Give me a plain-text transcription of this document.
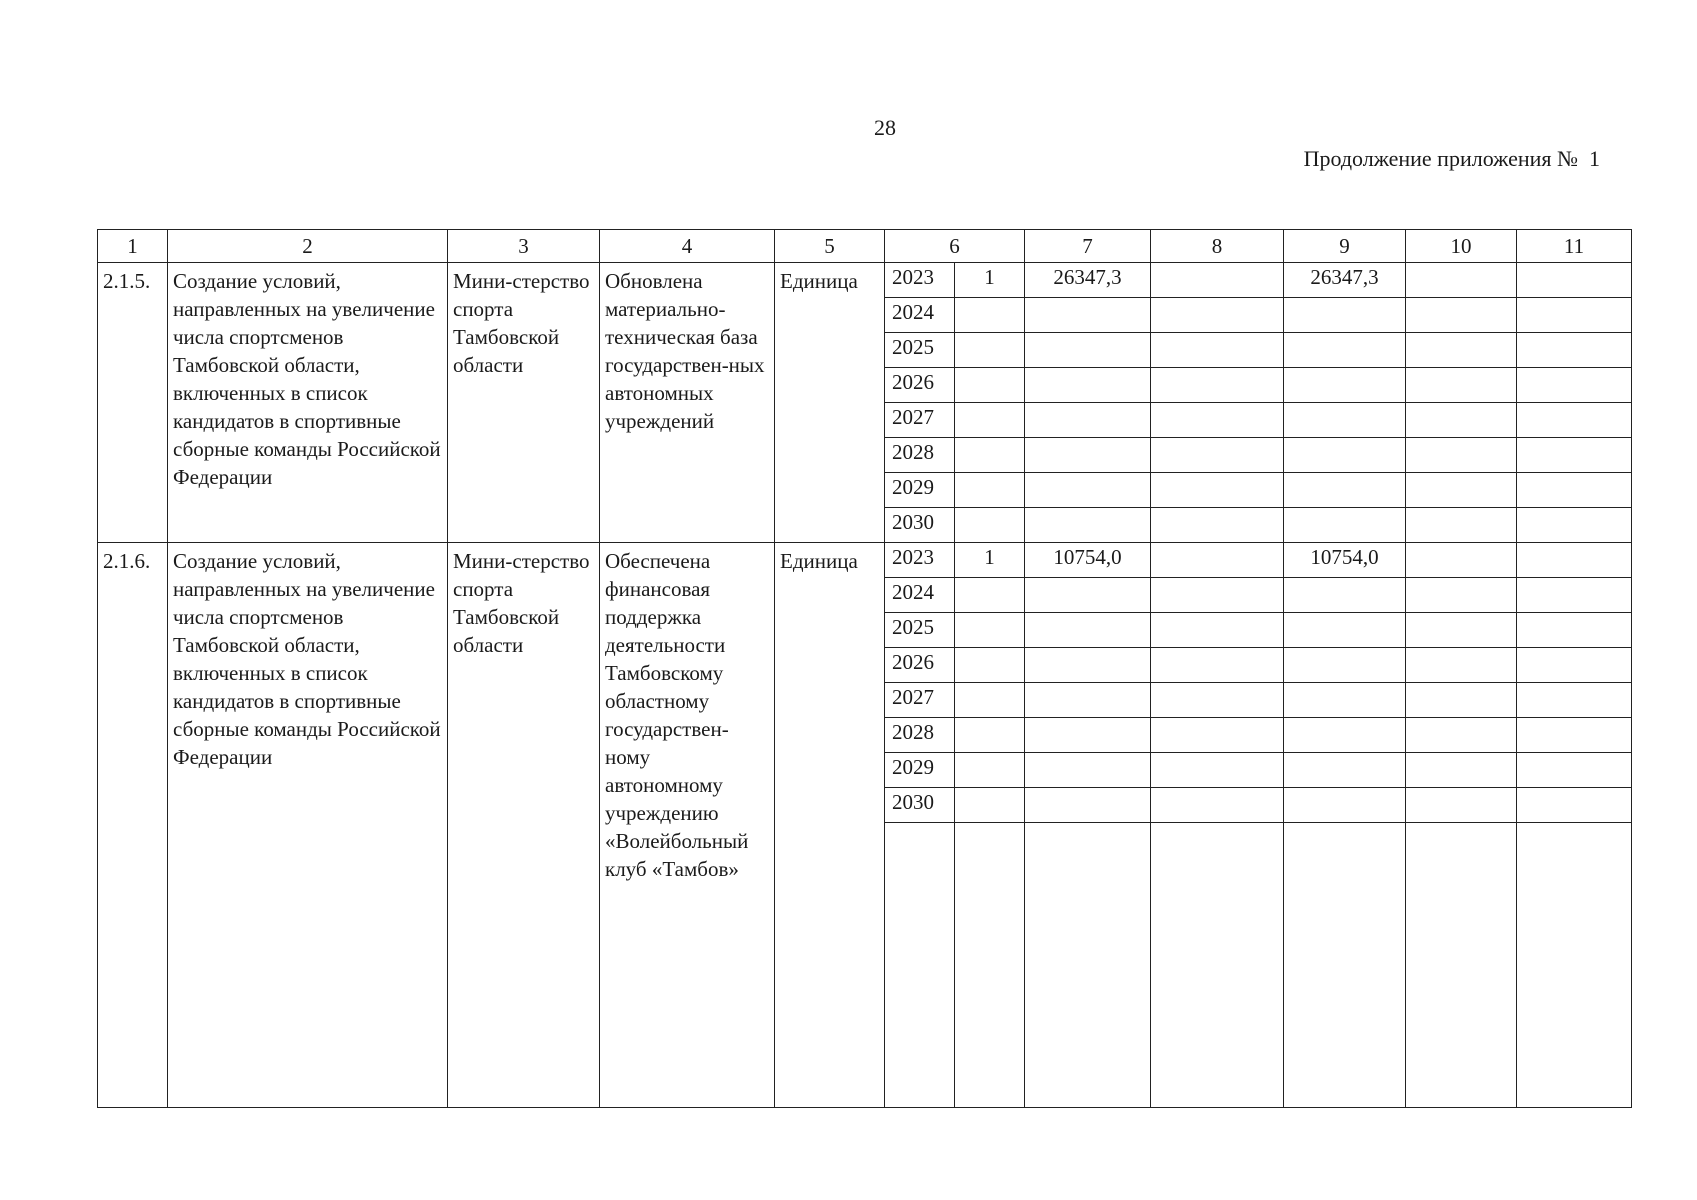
28
Продолжение приложения №  1
1	2	3	4	5	6		7	8	9	10	11
2.1.5.	Создание условий, направленных на увеличение числа спортсменов Тамбовской области, включенных в список кандидатов в спортивные сборные команды Российской Федерации	Мини-стерство спорта Тамбовской области	Обновлена материально-техническая база государствен-ных автономных учреждений	Единица	2023	1	26347,3		26347,3		
					2024						
					2025						
					2026						
					2027						
					2028						
					2029						
					2030						
2.1.6.	Создание условий, направленных на увеличение числа спортсменов Тамбовской области, включенных в список кандидатов в спортивные сборные команды Российской Федерации	Мини-стерство спорта Тамбовской области	Обеспечена финансовая поддержка деятельности Тамбовскому областному государствен-ному автономному учреждению «Волейбольный клуб «Тамбов»	Единица	2023	1	10754,0		10754,0		
					2024						
					2025						
					2026						
					2027						
					2028						
					2029						
					2030						
